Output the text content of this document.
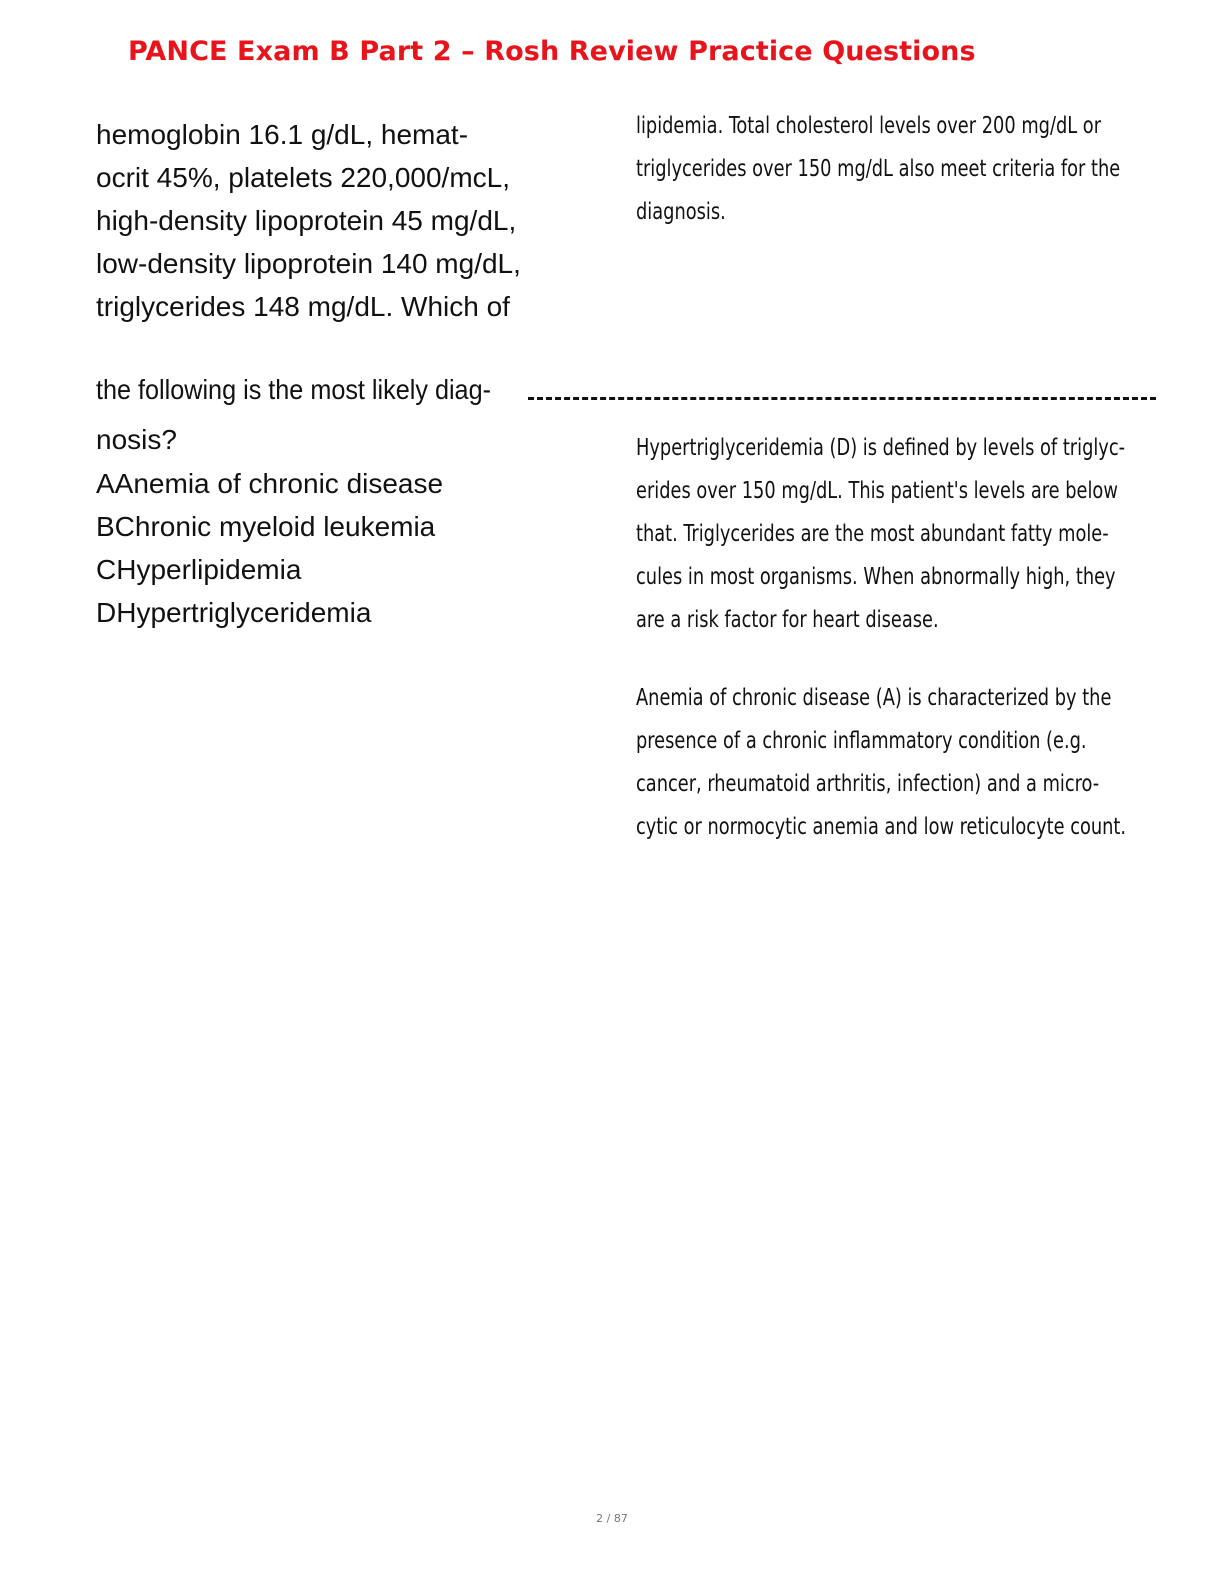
PANCE Exam B Part 2 – Rosh Review Practice Questions
hemoglobin 16.1 g/dL, hemat-
ocrit 45%, platelets 220,000/mcL,
high-density lipoprotein 45 mg/dL,
low-density lipoprotein 140 mg/dL,
triglycerides 148 mg/dL. Which of
the following is the most likely diag-
nosis?
AAnemia of chronic disease
BChronic myeloid leukemia
CHyperlipidemia
DHypertriglyceridemia
lipidemia. Total cholesterol levels over 200 mg/dL or
triglycerides over 150 mg/dL also meet criteria for the
diagnosis.
Hypertriglyceridemia (D) is defined by levels of triglyc-
erides over 150 mg/dL. This patient's levels are below
that. Triglycerides are the most abundant fatty mole-
cules in most organisms. When abnormally high, they
are a risk factor for heart disease.
Anemia of chronic disease (A) is characterized by the
presence of a chronic inflammatory condition (e.g.
cancer, rheumatoid arthritis, infection) and a micro-
cytic or normocytic anemia and low reticulocyte count.
2 / 87
